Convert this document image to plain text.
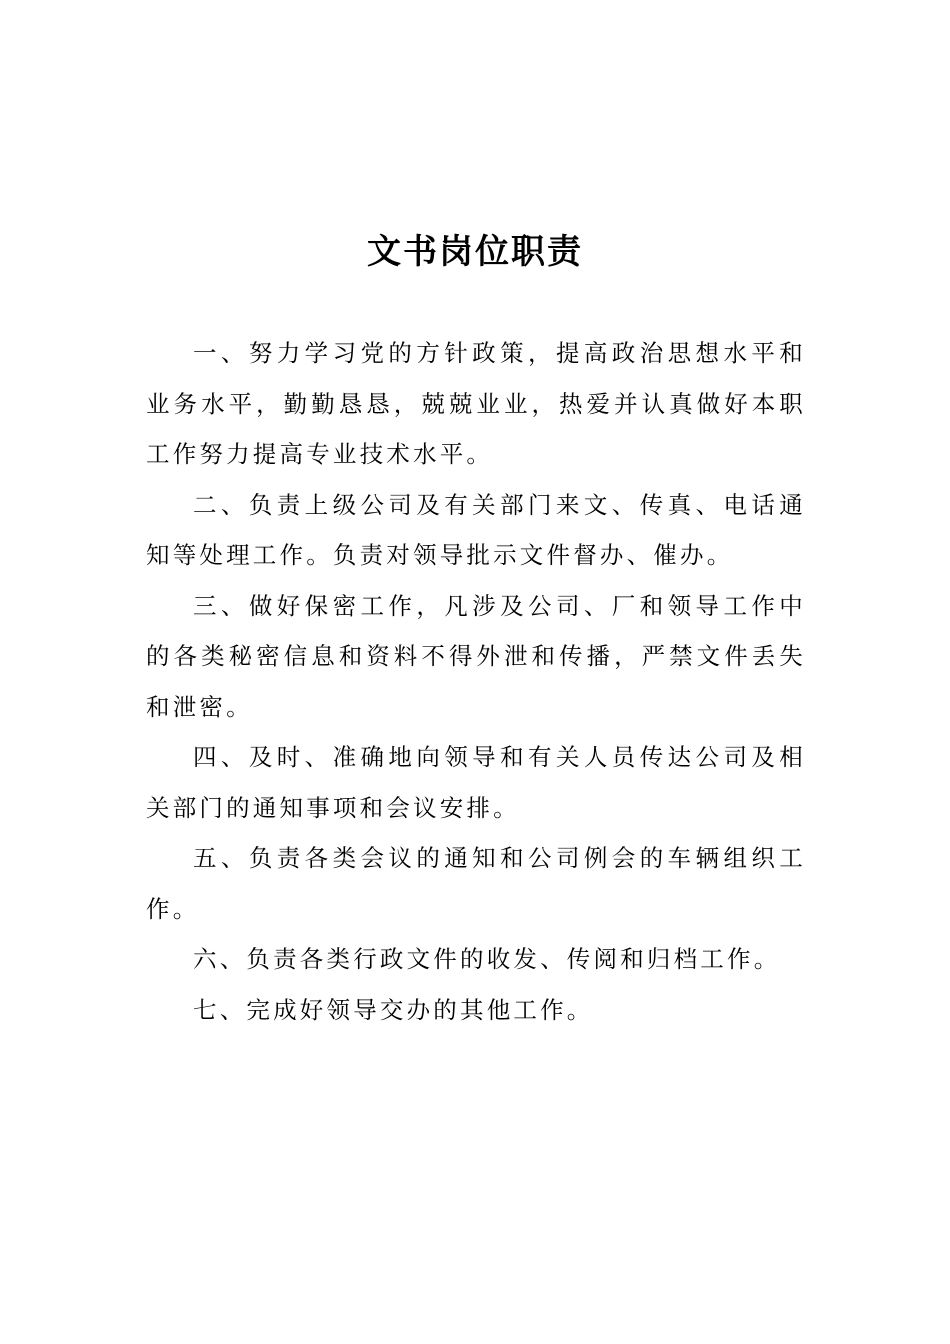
文书岗位职责

一、努力学习党的方针政策，提高政治思想水平和业务水平，勤勤恳恳，兢兢业业，热爱并认真做好本职工作努力提高专业技术水平。

二、负责上级公司及有关部门来文、传真、电话通知等处理工作。负责对领导批示文件督办、催办。

三、做好保密工作，凡涉及公司、厂和领导工作中的各类秘密信息和资料不得外泄和传播，严禁文件丢失和泄密。

四、及时、准确地向领导和有关人员传达公司及相关部门的通知事项和会议安排。

五、负责各类会议的通知和公司例会的车辆组织工作。

六、负责各类行政文件的收发、传阅和归档工作。

七、完成好领导交办的其他工作。
